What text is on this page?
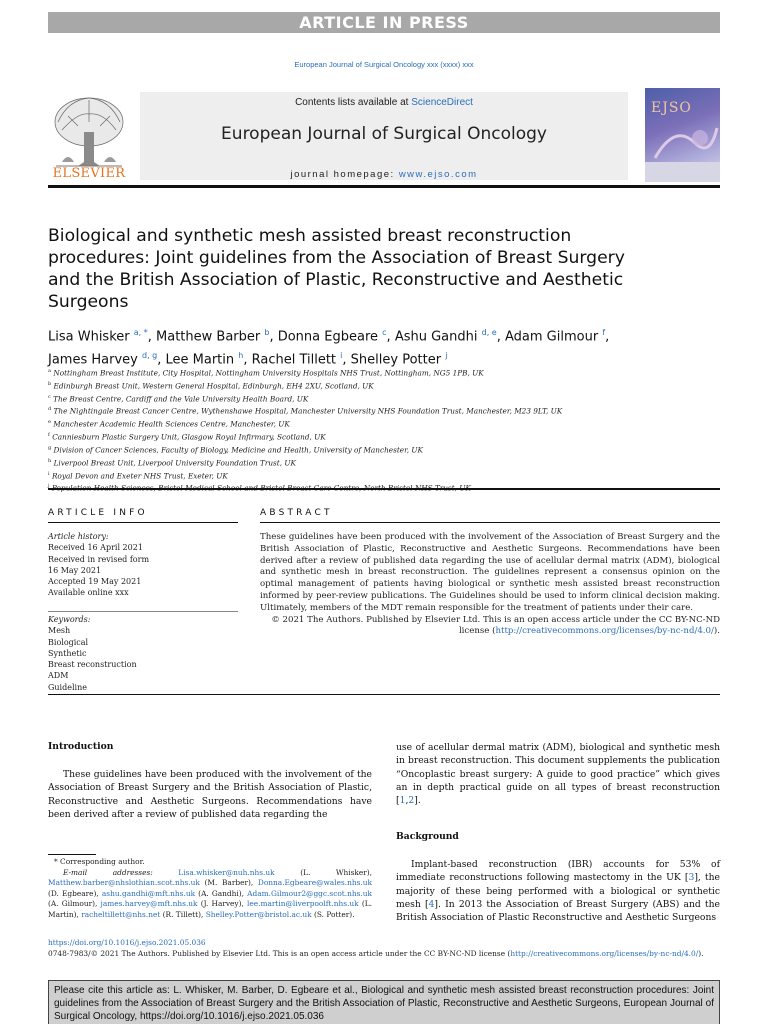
ARTICLE IN PRESS
European Journal of Surgical Oncology xxx (xxxx) xxx
ELSEVIER
Contents lists available at ScienceDirect
European Journal of Surgical Oncology
journal homepage: www.ejso.com
EJSO
Biological and synthetic mesh assisted breast reconstruction procedures: Joint guidelines from the Association of Breast Surgery and the British Association of Plastic, Reconstructive and Aesthetic Surgeons
Lisa Whisker $^{a, *}$, Matthew Barber $^b$, Donna Egbeare $^c$, Ashu Gandhi $^{d, e}$, Adam Gilmour $^f$,
James Harvey $^{d, g}$, Lee Martin $^h$, Rachel Tillett $^i$, Shelley Potter $^j$
$^a$ Nottingham Breast Institute, City Hospital, Nottingham University Hospitals NHS Trust, Nottingham, NG5 1PB, UK
$^b$ Edinburgh Breast Unit, Western General Hospital, Edinburgh, EH4 2XU, Scotland, UK
$^c$ The Breast Centre, Cardiff and the Vale University Health Board, UK
$^d$ The Nightingale Breast Cancer Centre, Wythenshawe Hospital, Manchester University NHS Foundation Trust, Manchester, M23 9LT, UK
$^e$ Manchester Academic Health Sciences Centre, Manchester, UK
$^f$ Canniesburn Plastic Surgery Unit, Glasgow Royal Infirmary, Scotland, UK
$^g$ Division of Cancer Sciences, Faculty of Biology, Medicine and Health, University of Manchester, UK
$^h$ Liverpool Breast Unit, Liverpool University Foundation Trust, UK
$^i$ Royal Devon and Exeter NHS Trust, Exeter, UK
$^j$
ARTICLE INFO
Article history:
Received 16 April 2021
Received in revised form
16 May 2021
Accepted 19 May 2021
Available online xxx
Keywords:
Mesh
Biological
Synthetic
Breast reconstruction
ADM
Guideline
ABSTRACT

These guidelines have been produced with the involvement of the Association of Breast Surgery and the British Association of Plastic, Reconstructive and Aesthetic Surgeons. Recommendations have been derived after a review of published data regarding the use of acellular dermal matrix (ADM), biological and synthetic mesh in breast reconstruction. The guidelines represent a consensus opinion on the optimal management of patients having biological or synthetic mesh assisted breast reconstruction informed by peer-review publications. The Guidelines should be used to inform clinical decision making. Ultimately, members of the MDT remain responsible for the treatment of patients under their care.

© 2021 The Authors. Published by Elsevier Ltd. This is an open access article under the CC BY-NC-ND
license (http://creativecommons.org/licenses/by-nc-nd/4.0/).

Introduction
These guidelines have been produced with the involvement of the Association of Breast Surgery and the British Association of Plastic, Reconstructive and Aesthetic Surgeons. Recommendations have been derived after a review of published data regarding the
use of acellular dermal matrix (ADM), biological and synthetic mesh in breast reconstruction. This document supplements the publication “Oncoplastic breast surgery: A guide to good practice” which gives an in depth practical guide on all types of breast reconstruction [1,2].
Background
Implant-based reconstruction (IBR) accounts for 53% of immediate reconstructions following mastectomy in the UK [3], the majority of these being performed with a biological or synthetic mesh [4]. In 2013 the Association of Breast Surgery (ABS) and the British Association of Plastic Reconstructive and Aesthetic Surgeons
* Corresponding author.
E-mail addresses:	Lisa.whisker@nuh.nhs.uk (L. Whisker), Matthew.barber@nhslothian.scot.nhs.uk (M. Barber), Donna.Egbeare@wales.nhs.uk (D. Egbeare), ashu.gandhi@mft.nhs.uk (A. Gandhi), Adam.Gilmour2@ggc.scot.nhs.uk (A. Gilmour), james.harvey@mft.nhs.uk (J. Harvey), lee.martin@liverpoolft.nhs.uk (L. Martin), racheltillett@nhs.net (R. Tillett), Shelley.Potter@bristol.ac.uk (S. Potter).
https://doi.org/10.1016/j.ejso.2021.05.036
0748-7983/© 2021 The Authors. Published by Elsevier Ltd. This is an open access article under the CC BY-NC-ND license (http://creativecommons.org/licenses/by-nc-nd/4.0/).
Please cite this article as: L. Whisker, M. Barber, D. Egbeare et al., Biological and synthetic mesh assisted breast reconstruction procedures: Joint guidelines from the Association of Breast Surgery and the British Association of Plastic, Reconstructive and Aesthetic Surgeons, European Journal of Surgical Oncology, https://doi.org/10.1016/j.ejso.2021.05.036
